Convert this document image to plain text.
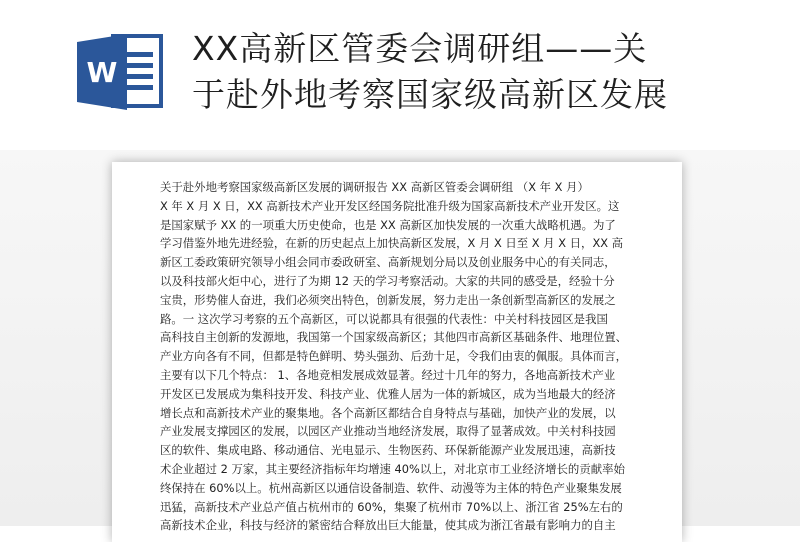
W
XX高新区管委会调研组——关
于赴外地考察国家级高新区发展
关于赴外地考察国家级高新区发展的调研报告 XX 高新区管委会调研组 （X 年 X 月）
X 年 X 月 X 日，XX 高新技术产业开发区经国务院批准升级为国家高新技术产业开发区。这
是国家赋予 XX 的一项重大历史使命，也是 XX 高新区加快发展的一次重大战略机遇。为了
学习借鉴外地先进经验，在新的历史起点上加快高新区发展，X 月 X 日至 X 月 X 日，XX 高
新区工委政策研究领导小组会同市委政研室、高新规划分局以及创业服务中心的有关同志，
以及科技部火炬中心，进行了为期 12 天的学习考察活动。大家的共同的感受是，经验十分
宝贵，形势催人奋进，我们必须突出特色，创新发展，努力走出一条创新型高新区的发展之
路。一 这次学习考察的五个高新区，可以说都具有很强的代表性：中关村科技园区是我国
高科技自主创新的发源地，我国第一个国家级高新区；其他四市高新区基础条件、地理位置、
产业方向各有不同，但都是特色鲜明、势头强劲、后劲十足，令我们由衷的佩服。具体而言，
主要有以下几个特点： 1、各地竞相发展成效显著。经过十几年的努力，各地高新技术产业
开发区已发展成为集科技开发、科技产业、优雅人居为一体的新城区，成为当地最大的经济
增长点和高新技术产业的聚集地。各个高新区都结合自身特点与基础，加快产业的发展，以
产业发展支撑园区的发展，以园区产业推动当地经济发展，取得了显著成效。中关村科技园
区的软件、集成电路、移动通信、光电显示、生物医药、环保新能源产业发展迅速，高新技
术企业超过 2 万家，其主要经济指标年均增速 40%以上，对北京市工业经济增长的贡献率始
终保持在 60%以上。杭州高新区以通信设备制造、软件、动漫等为主体的特色产业聚集发展
迅猛，高新技术产业总产值占杭州市的 60%，集聚了杭州市 70%以上、浙江省 25%左右的
高新技术企业，科技与经济的紧密结合释放出巨大能量，使其成为浙江省最有影响力的自主
